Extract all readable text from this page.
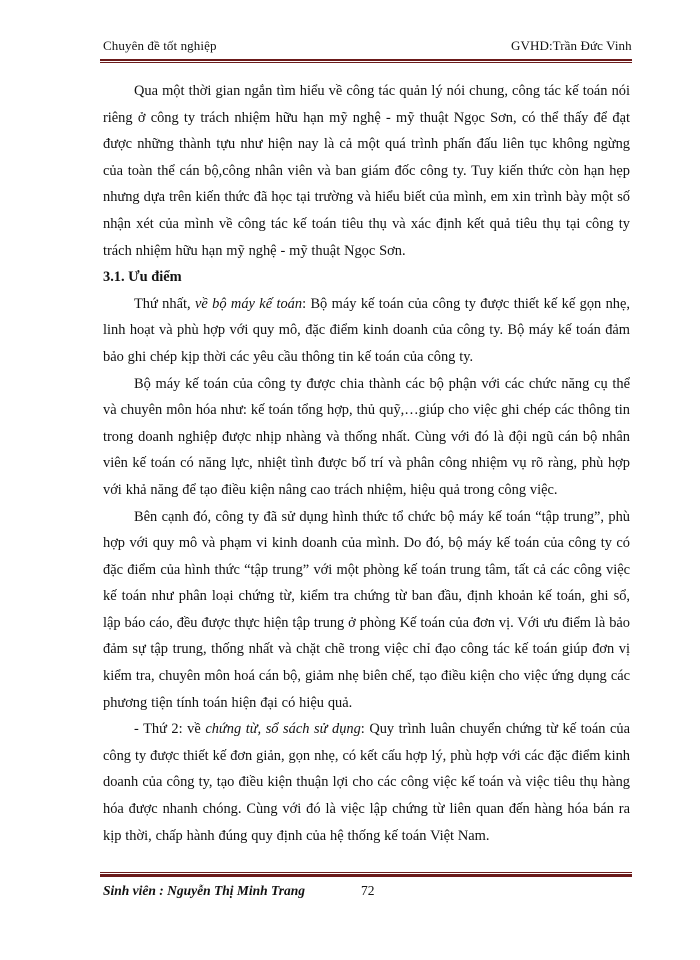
Chuyên đề tốt nghiệp	GVHD:Trần Đức Vinh

Qua một thời gian ngắn tìm hiểu về công tác quản lý nói chung, công tác kế toán nói riêng ở công ty trách nhiệm hữu hạn mỹ nghệ - mỹ thuật Ngọc Sơn, có thể thấy để đạt được những thành tựu như hiện nay là cả một quá trình phấn đấu liên tục không ngừng của toàn thể cán bộ,công nhân viên và ban giám đốc công ty. Tuy kiến thức còn hạn hẹp nhưng dựa trên kiến thức đã học tại trường và hiểu biết của mình, em xin trình bày một số nhận xét của mình về công tác kế toán tiêu thụ và xác định kết quả tiêu thụ tại công ty trách nhiệm hữu hạn mỹ nghệ - mỹ thuật Ngọc Sơn.

3.1. Ưu điểm

Thứ nhất, về bộ máy kế toán: Bộ máy kế toán của công ty được thiết kế kế gọn nhẹ, linh hoạt và phù hợp với quy mô, đặc điểm kinh doanh của công ty. Bộ máy kế toán đảm bảo ghi chép kịp thời các yêu cầu thông tin kế toán của công ty.

Bộ máy kế toán của công ty được chia thành các bộ phận với các chức năng cụ thể và chuyên môn hóa như: kế toán tổng hợp, thủ quỹ,…giúp cho việc ghi chép các thông tin trong doanh nghiệp được nhịp nhàng và thống nhất. Cùng với đó là đội ngũ cán bộ nhân viên kế toán có năng lực, nhiệt tình được bố trí và phân công nhiệm vụ rõ ràng, phù hợp với khả năng để tạo điều kiện nâng cao trách nhiệm, hiệu quả trong công việc.

Bên cạnh đó, công ty đã sử dụng hình thức tổ chức bộ máy kế toán “tập trung”, phù hợp với quy mô và phạm vi kinh doanh của mình. Do đó, bộ máy kế toán của công ty có đặc điểm của hình thức “tập trung” với một phòng kế toán trung tâm, tất cả các công việc kế toán như phân loại chứng từ, kiểm tra chứng từ ban đầu, định khoản kế toán, ghi sổ, lập báo cáo, đều được thực hiện tập trung ở phòng Kế toán của đơn vị. Với ưu điểm là bảo đảm sự tập trung, thống nhất và chặt chẽ trong việc chỉ đạo công tác kế toán giúp đơn vị kiểm tra, chuyên môn hoá cán bộ, giảm nhẹ biên chế, tạo điều kiện cho việc ứng dụng các phương tiện tính toán hiện đại có hiệu quả.

- Thứ 2: về chứng từ, sổ sách sử dụng: Quy trình luân chuyển chứng từ kế toán của công ty được thiết kế đơn giản, gọn nhẹ, có kết cấu hợp lý, phù hợp với các đặc điểm kinh doanh của công ty, tạo điều kiện thuận lợi cho các công việc kế toán và việc tiêu thụ hàng hóa được nhanh chóng. Cùng với đó là việc lập chứng từ liên quan đến hàng hóa bán ra kịp thời, chấp hành đúng quy định của hệ thống kế toán Việt Nam.

Sinh viên : Nguyễn Thị Minh Trang	72
